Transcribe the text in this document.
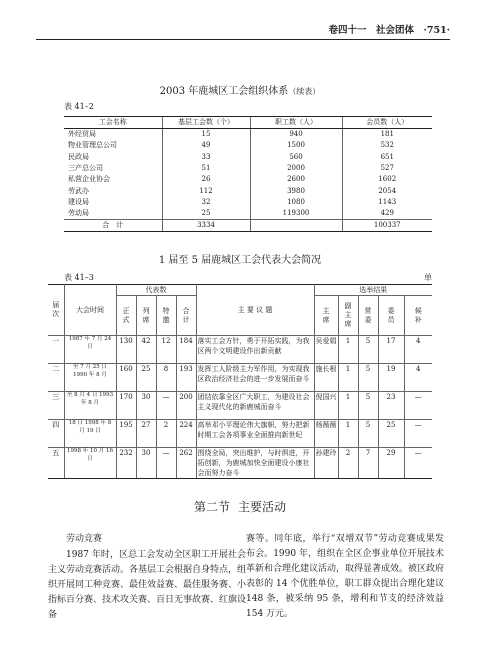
卷四十一　社会团体　·751·
2003 年鹿城区工会组织体系（续表）
表 41–2
工会名称	基层工会数（个）	职工数（人）	会员数（人）
外经贸局	15	940	181
物业管理总公司	49	1500	532
民政局	33	560	651
三产总公司	51	2000	527
私营企业协会	26	2600	1602
劳武办	112	3980	2054
建设局	32	1080	1143
劳动局	25	119300	429
合　计	3334		100337
1 届至 5 届鹿城区工会代表大会简况
表 41–3	单
届次	大会时间	代表数				主 要 议 题	选举结果				
		正式	列席	特邀	合计		主席	副主席	常委	委员	候补
一	1987 年 7 月 24 日	130	42	12	184	落实工会方针，勇于开拓实践，为我区两个文明建设作出新贡献	吴爱娟	1	5	17	4
二	至 7 月 25 日 1990 年 8 月	160	25	8	193	发挥工人阶级主力军作用，为实现我区政治经济社会的进一步发展而奋斗	施长根	1	5	19	4
三	至 8 月 4 日 1993 年 8 月	170	30	—	200	团结依靠全区广大职工，为建设社会主义现代化的新鹿城而奋斗	倪国兴	1	5	23	—
四	18 日 1998 年 8 月 19 日	195	27	2	224	高举邓小平理论伟大旗帜，努力把新时期工会各项事业全面推向新世纪	杨薇薇	1	5	25	—
五	1998 年 10 月 16 日	232	30	—	262	围绕全局，突出维护，与时俱进，开拓创新，为鹿城加快全面建设小康社会而努力奋斗	孙建玲	2	7	29	—
第二节 主要活动

劳动竞赛

1987 年时，区总工会发动全区职工开展社会主义劳动竞赛活动。各基层工会根据自身特点，组织开展同工种竞赛、最佳效益赛、最佳服务赛、小指标百分赛、技术攻关赛、百日无事故赛、红旗设备

赛等。同年底，举行“双增双节”劳动竞赛成果发布会。1990 年，组织在全区企事业单位开展技术革新和合理化建议活动，取得显著成效。被区政府表彰的 14 个优胜单位，职工群众提出合理化建议 148 条，被采纳 95 条，增利和节支的经济效益 154 万元。
